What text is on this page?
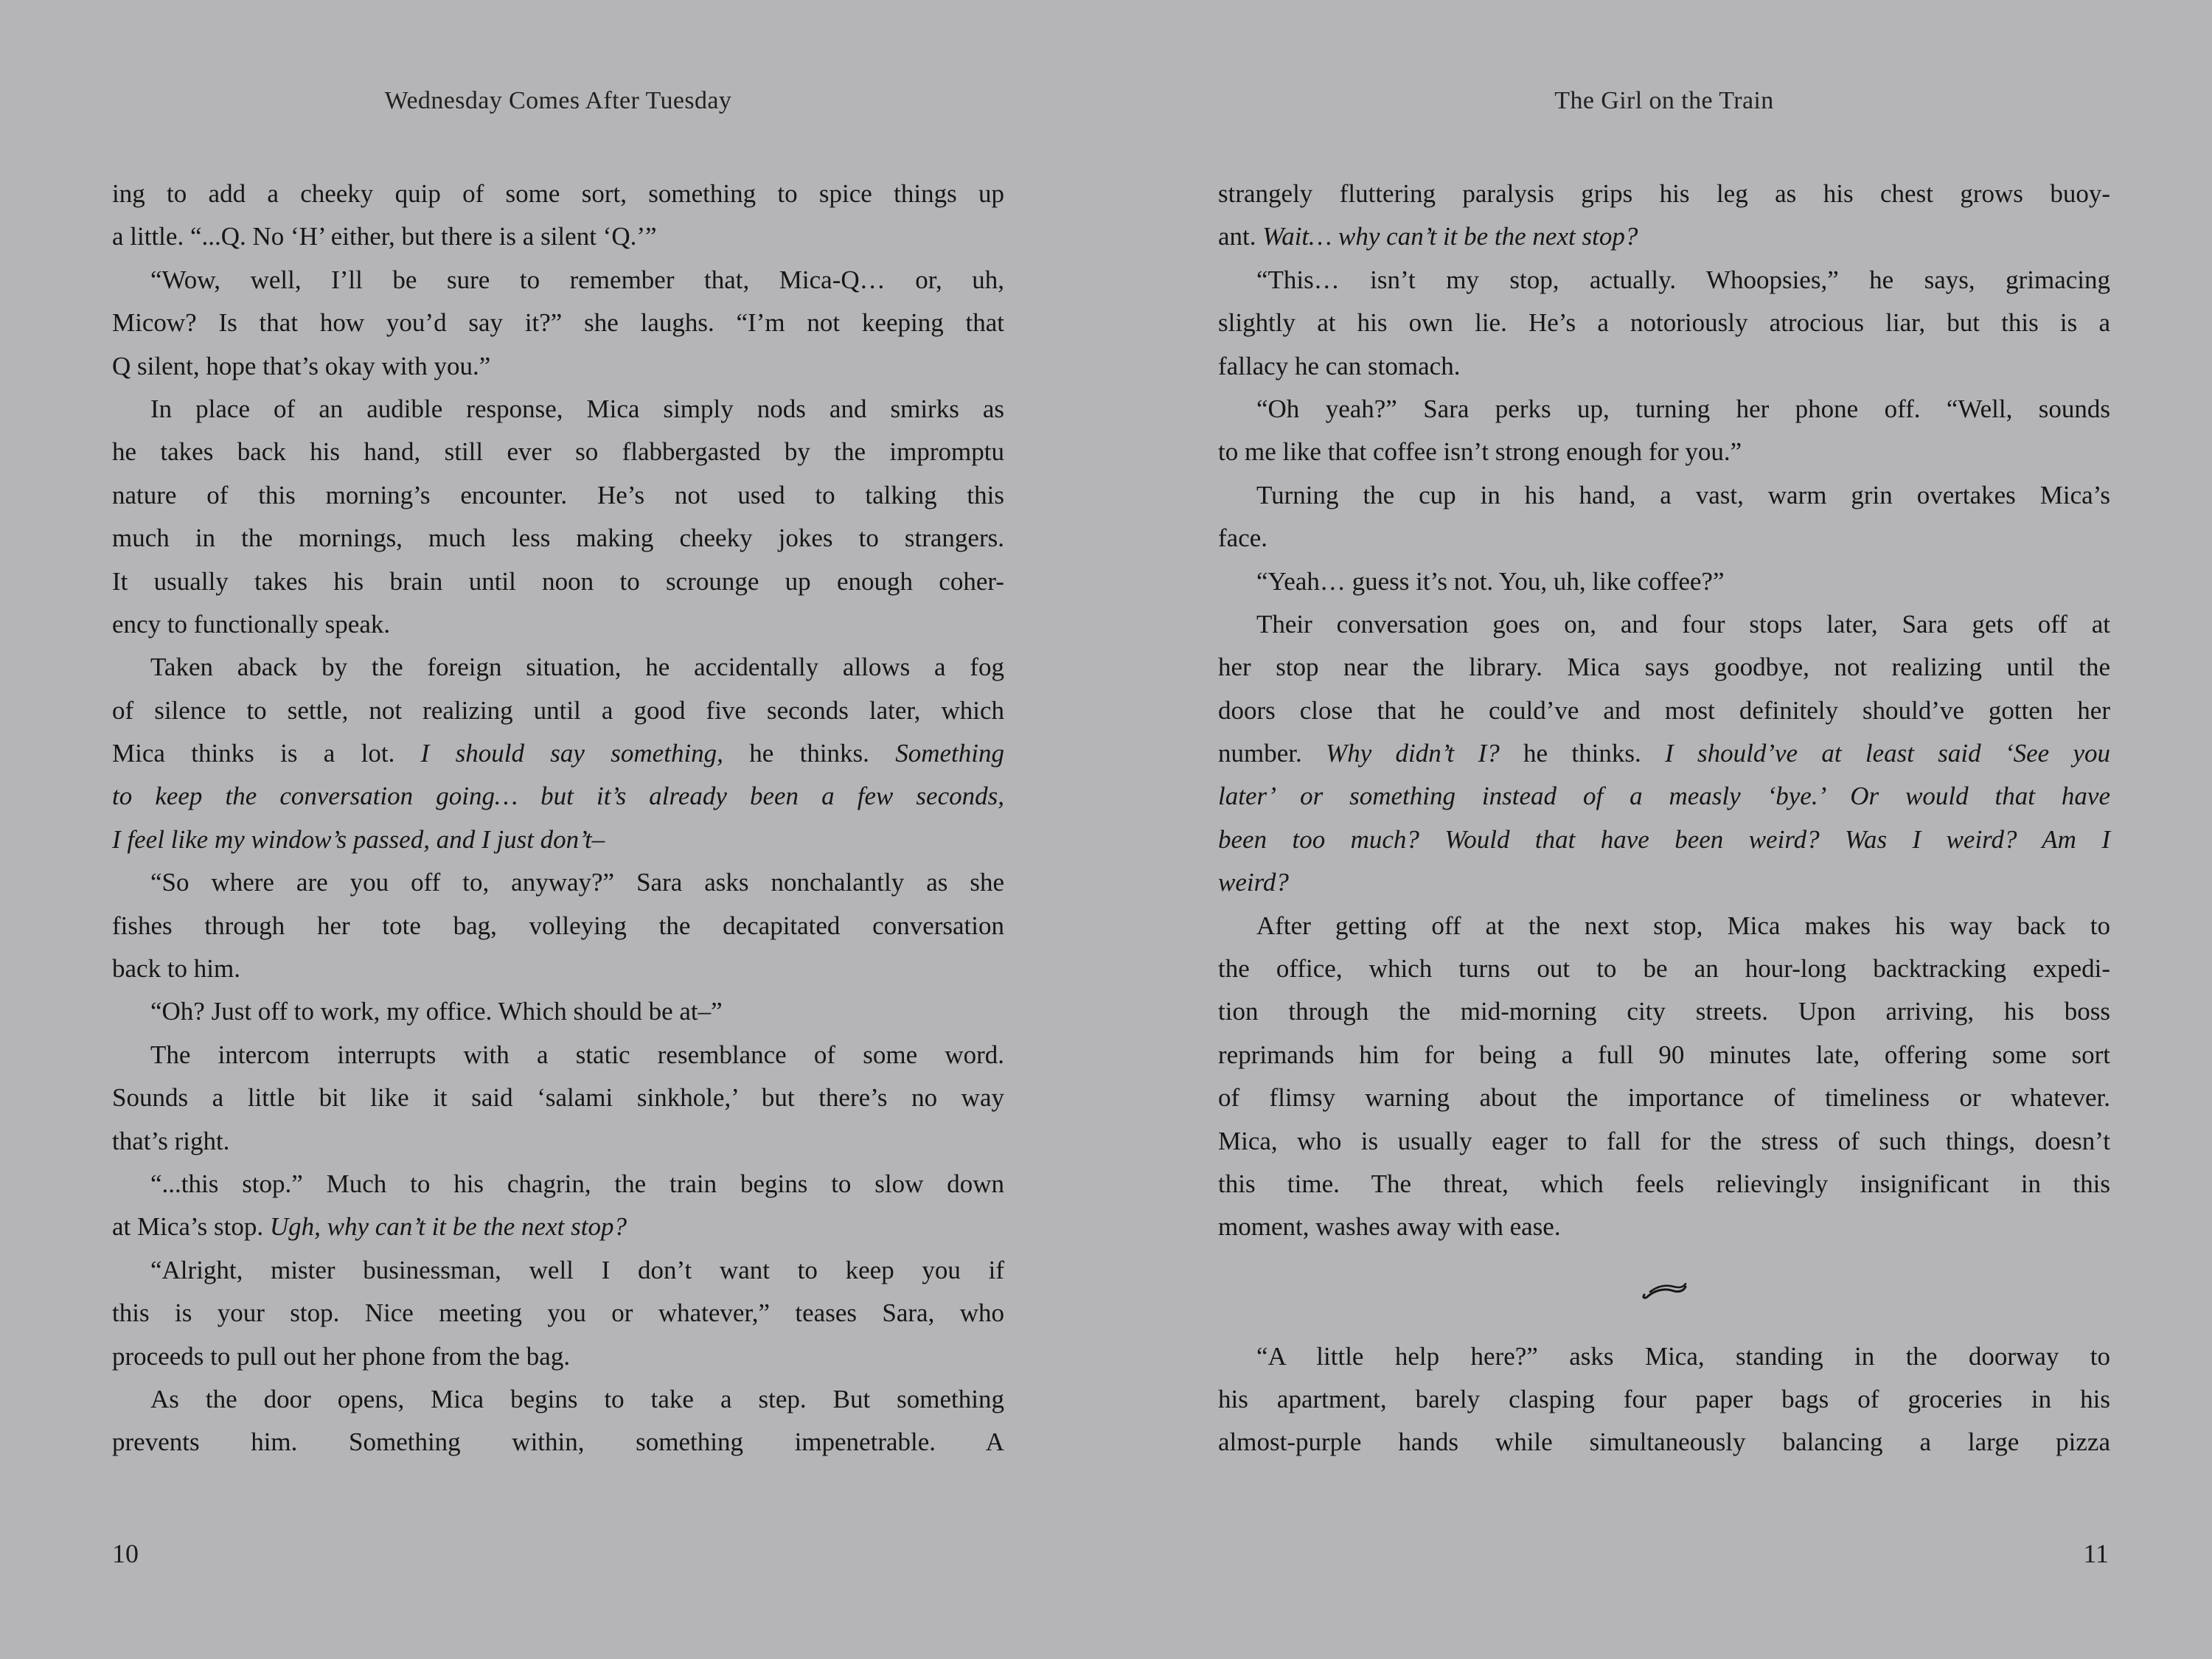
Wednesday Comes After Tuesday
ing to add a cheeky quip of some sort, something to spice things up
a little. “...Q. No ‘H’ either, but there is a silent ‘Q.’”
“Wow, well, I’ll be sure to remember that, Mica-Q… or, uh,
Micow? Is that how you’d say it?” she laughs. “I’m not keeping that
Q silent, hope that’s okay with you.”
In place of an audible response, Mica simply nods and smirks as
he takes back his hand, still ever so flabbergasted by the impromptu
nature of this morning’s encounter. He’s not used to talking this
much in the mornings, much less making cheeky jokes to strangers.
It usually takes his brain until noon to scrounge up enough coher-
ency to functionally speak.
Taken aback by the foreign situation, he accidentally allows a fog
of silence to settle, not realizing until a good five seconds later, which
Mica thinks is a lot. I should say something, he thinks. Something
to keep the conversation going… but it’s already been a few seconds,
I feel like my window’s passed, and I just don’t–
“So where are you off to, anyway?” Sara asks nonchalantly as she
fishes through her tote bag, volleying the decapitated conversation
back to him.
“Oh? Just off to work, my office. Which should be at–”
The intercom interrupts with a static resemblance of some word.
Sounds a little bit like it said ‘salami sinkhole,’ but there’s no way
that’s right.
“...this stop.” Much to his chagrin, the train begins to slow down
at Mica’s stop. Ugh, why can’t it be the next stop?
“Alright, mister businessman, well I don’t want to keep you if
this is your stop. Nice meeting you or whatever,” teases Sara, who
proceeds to pull out her phone from the bag.
As the door opens, Mica begins to take a step. But something
prevents him. Something within, something impenetrable. A
10
The Girl on the Train
strangely fluttering paralysis grips his leg as his chest grows buoy-
ant. Wait… why can’t it be the next stop?
“This… isn’t my stop, actually. Whoopsies,” he says, grimacing
slightly at his own lie. He’s a notoriously atrocious liar, but this is a
fallacy he can stomach.
“Oh yeah?” Sara perks up, turning her phone off. “Well, sounds
to me like that coffee isn’t strong enough for you.”
Turning the cup in his hand, a vast, warm grin overtakes Mica’s
face.
“Yeah… guess it’s not. You, uh, like coffee?”
Their conversation goes on, and four stops later, Sara gets off at
her stop near the library. Mica says goodbye, not realizing until the
doors close that he could’ve and most definitely should’ve gotten her
number. Why didn’t I? he thinks. I should’ve at least said ‘See you
later’ or something instead of a measly ‘bye.’ Or would that have
been too much? Would that have been weird? Was I weird? Am I
weird?
After getting off at the next stop, Mica makes his way back to
the office, which turns out to be an hour-long backtracking expedi-
tion through the mid-morning city streets. Upon arriving, his boss
reprimands him for being a full 90 minutes late, offering some sort
of flimsy warning about the importance of timeliness or whatever.
Mica, who is usually eager to fall for the stress of such things, doesn’t
this time. The threat, which feels relievingly insignificant in this
moment, washes away with ease.
“A little help here?” asks Mica, standing in the doorway to
his apartment, barely clasping four paper bags of groceries in his
almost-purple hands while simultaneously balancing a large pizza
11
